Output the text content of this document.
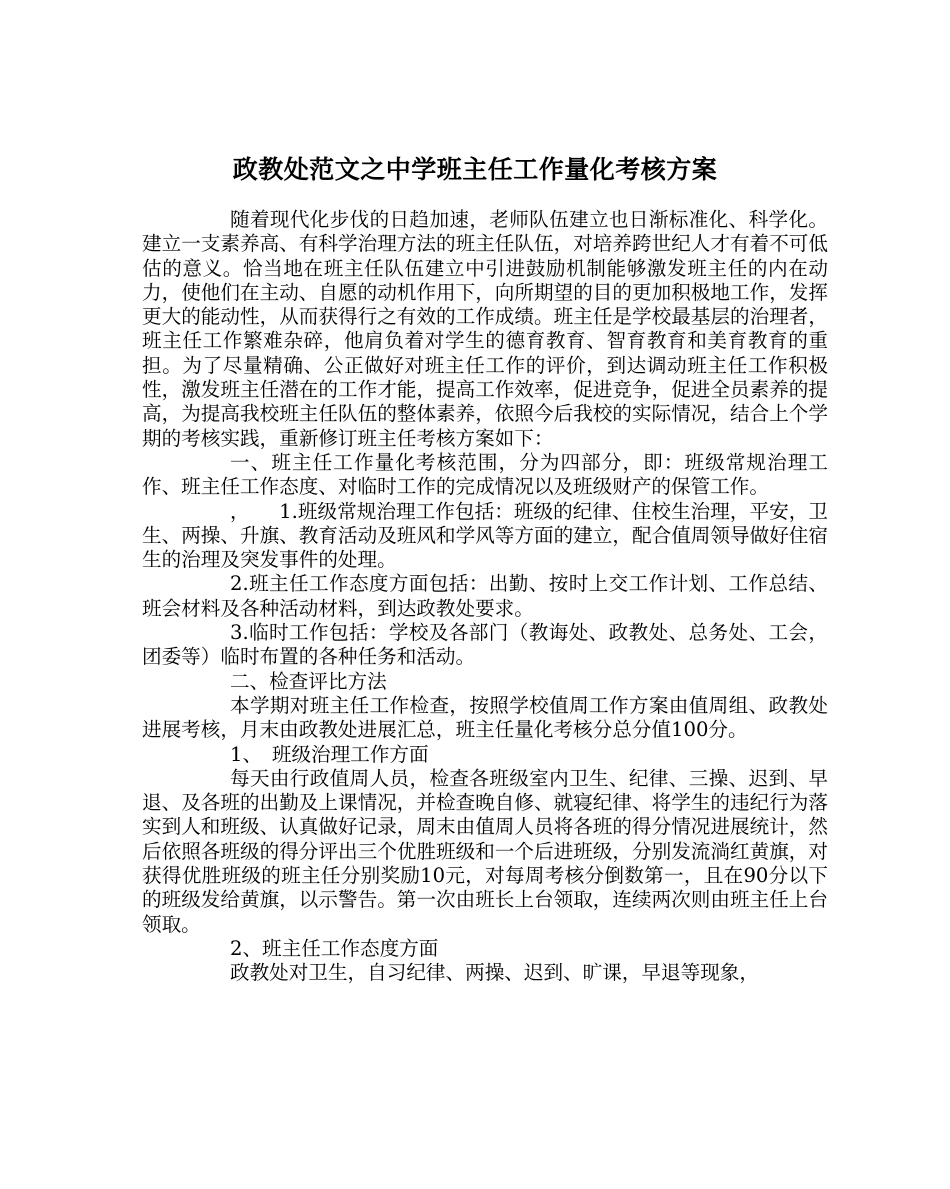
政教处范文之中学班主任工作量化考核方案

随着现代化步伐的日趋加速，老师队伍建立也日渐标准化、科学化。建立一支素养高、有科学治理方法的班主任队伍，对培养跨世纪人才有着不可低估的意义。恰当地在班主任队伍建立中引进鼓励机制能够激发班主任的内在动力，使他们在主动、自愿的动机作用下，向所期望的目的更加积极地工作，发挥更大的能动性，从而获得行之有效的工作成绩。班主任是学校最基层的治理者，班主任工作繁难杂碎，他肩负着对学生的德育教育、智育教育和美育教育的重担。为了尽量精确、公正做好对班主任工作的评价，到达调动班主任工作积极性，激发班主任潜在的工作才能，提高工作效率，促进竞争，促进全员素养的提高，为提高我校班主任队伍的整体素养，依照今后我校的实际情况，结合上个学期的考核实践，重新修订班主任考核方案如下：

一、班主任工作量化考核范围，分为四部分，即：班级常规治理工作、班主任工作态度、对临时工作的完成情况以及班级财产的保管工作。

，　　1.班级常规治理工作包括：班级的纪律、住校生治理，平安，卫生、两操、升旗、教育活动及班风和学风等方面的建立，配合值周领导做好住宿生的治理及突发事件的处理。

2.班主任工作态度方面包括：出勤、按时上交工作计划、工作总结、班会材料及各种活动材料，到达政教处要求。

3.临时工作包括：学校及各部门（教诲处、政教处、总务处、工会，团委等）临时布置的各种任务和活动。

二、检查评比方法

本学期对班主任工作检查，按照学校值周工作方案由值周组、政教处进展考核，月末由政教处进展汇总，班主任量化考核分总分值100分。

1、　班级治理工作方面

每天由行政值周人员，检查各班级室内卫生、纪律、三操、迟到、早退、及各班的出勤及上课情况，并检查晚自修、就寝纪律、将学生的违纪行为落实到人和班级、认真做好记录，周末由值周人员将各班的得分情况进展统计，然后依照各班级的得分评出三个优胜班级和一个后进班级，分别发流淌红黄旗，对获得优胜班级的班主任分别奖励10元，对每周考核分倒数第一，且在90分以下的班级发给黄旗，以示警告。第一次由班长上台领取，连续两次则由班主任上台领取。

2、班主任工作态度方面

政教处对卫生，自习纪律、两操、迟到、旷课，早退等现象，
